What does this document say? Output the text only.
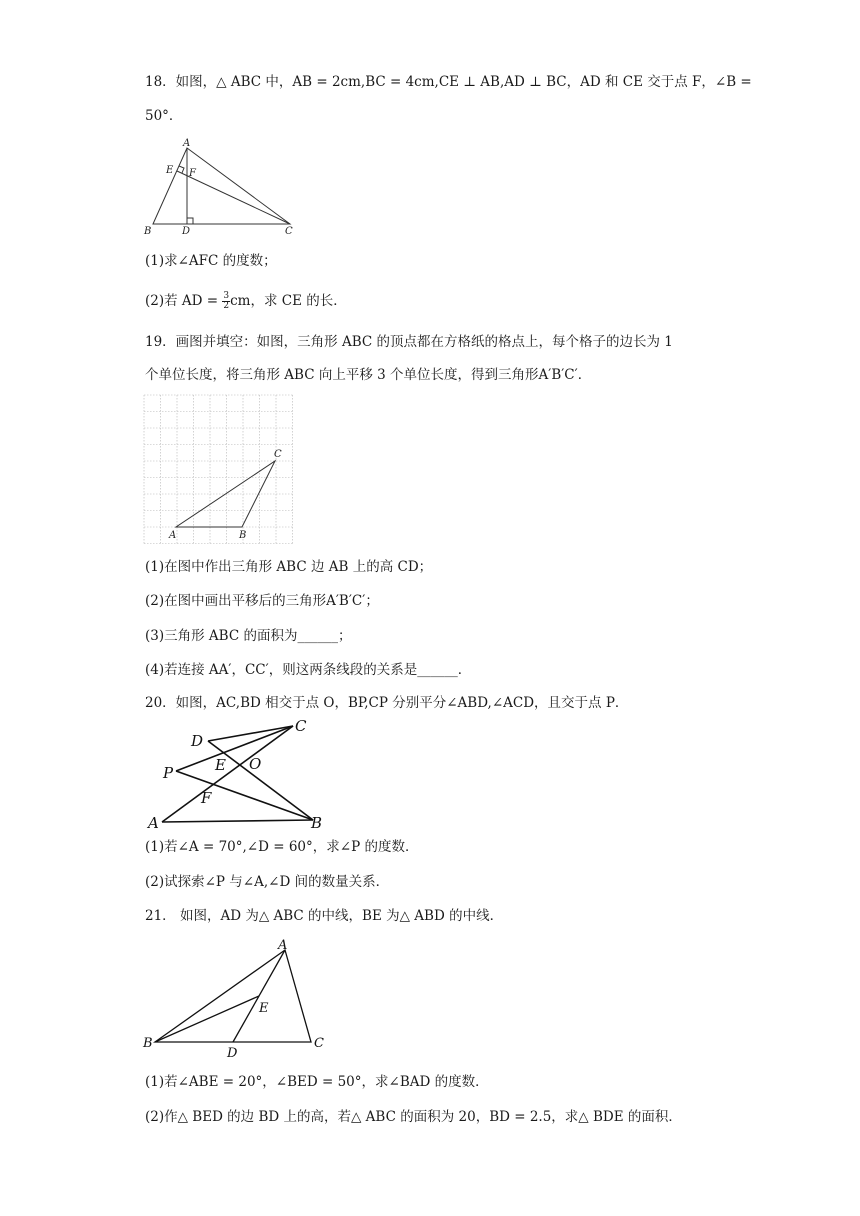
18．如图，△ ABC 中，AB = 2cm,BC = 4cm,CE ⊥ AB,AD ⊥ BC，AD 和 CE 交于点 F，∠B =
50°．
A
B	C
D
E F
(1)求∠AFC 的度数；
(2)若 AD = $\frac{3}{2}$ cm，求 CE 的长．
19．画图并填空：如图，三角形 ABC 的顶点都在方格纸的格点上，每个格子的边长为 1
个单位长度，将三角形 ABC 向上平移 3 个单位长度，得到三角形A′B′C′．
A	B
C
(1)在图中作出三角形 ABC 边 AB 上的高 CD；
(2)在图中画出平移后的三角形A′B′C′；
(3)三角形 ABC 的面积为______；
(4)若连接 AA′，CC′，则这两条线段的关系是______．
20．如图，AC,BD 相交于点 O，BP,CP 分别平分∠ABD,∠ACD，且交于点 P．
A	B
C
D
E
F
O
P
(1)若∠A = 70°,∠D = 60°，求∠P 的度数．
(2)试探索∠P 与∠A,∠D 间的数量关系．
21． 如图，AD 为△ ABC 的中线，BE 为△ ABD 的中线．
B
A
C
D
E
(1)若∠ABE = 20°，∠BED = 50°，求∠BAD 的度数．
(2)作△ BED 的边 BD 上的高，若△ ABC 的面积为 20，BD = 2.5，求△ BDE 的面积．
